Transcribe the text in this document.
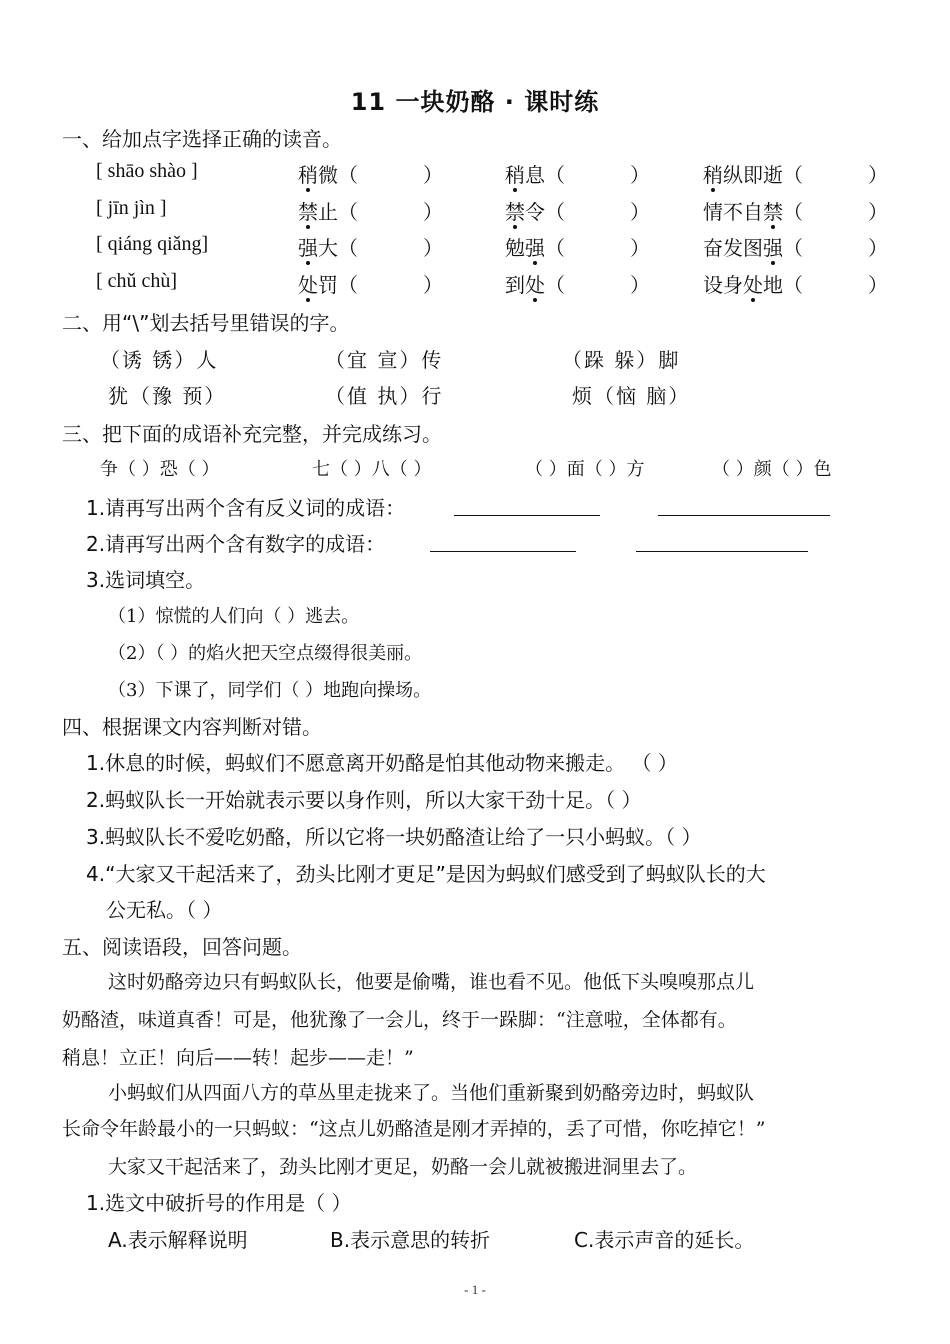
11 一块奶酪 · 课时练
一、给加点字选择正确的读音。
[ shāo shào ]	稍微（	）	稍息（	）	稍纵即逝（	）
[ jīn jìn ]	禁止（	）	禁令（	）	情不自禁（	）
[ qiáng qiǎng]	强大（	）	勉强（	）	奋发图强（	）
[ chǔ chù]	处罚（	）	到处（	）	设身处地（	）
二、用“\”划去括号里错误的字。
（诱 锈）人	（宜 宣）传	（跺 躲）脚
犹（豫 预）	（值 执）行	烦（恼 脑）
三、把下面的成语补充完整，并完成练习。
争（ ）恐（ ）	七（ ）八（ ）	（ ）面（ ）方	（ ）颜（ ）色
1.请再写出两个含有反义词的成语：
2.请再写出两个含有数字的成语：
3.选词填空。
（1）惊慌的人们向（ ）逃去。
（2）（ ）的焰火把天空点缀得很美丽。
（3）下课了，同学们（ ）地跑向操场。
四、根据课文内容判断对错。
1.休息的时候，蚂蚁们不愿意离开奶酪是怕其他动物来搬走。 （ ）
2.蚂蚁队长一开始就表示要以身作则，所以大家干劲十足。（ ）
3.蚂蚁队长不爱吃奶酪，所以它将一块奶酪渣让给了一只小蚂蚁。（ ）
4.“大家又干起活来了，劲头比刚才更足”是因为蚂蚁们感受到了蚂蚁队长的大
公无私。（ ）
五、阅读语段，回答问题。
这时奶酪旁边只有蚂蚁队长，他要是偷嘴，谁也看不见。他低下头嗅嗅那点儿
奶酪渣，味道真香！可是，他犹豫了一会儿，终于一跺脚：“注意啦，全体都有。
稍息！立正！向后——转！起步——走！”
小蚂蚁们从四面八方的草丛里走拢来了。当他们重新聚到奶酪旁边时，蚂蚁队
长命令年龄最小的一只蚂蚁：“这点儿奶酪渣是刚才弄掉的，丢了可惜，你吃掉它！”
大家又干起活来了，劲头比刚才更足，奶酪一会儿就被搬进洞里去了。
1.选文中破折号的作用是（ ）
A.表示解释说明	B.表示意思的转折	C.表示声音的延长。
- 1 -
